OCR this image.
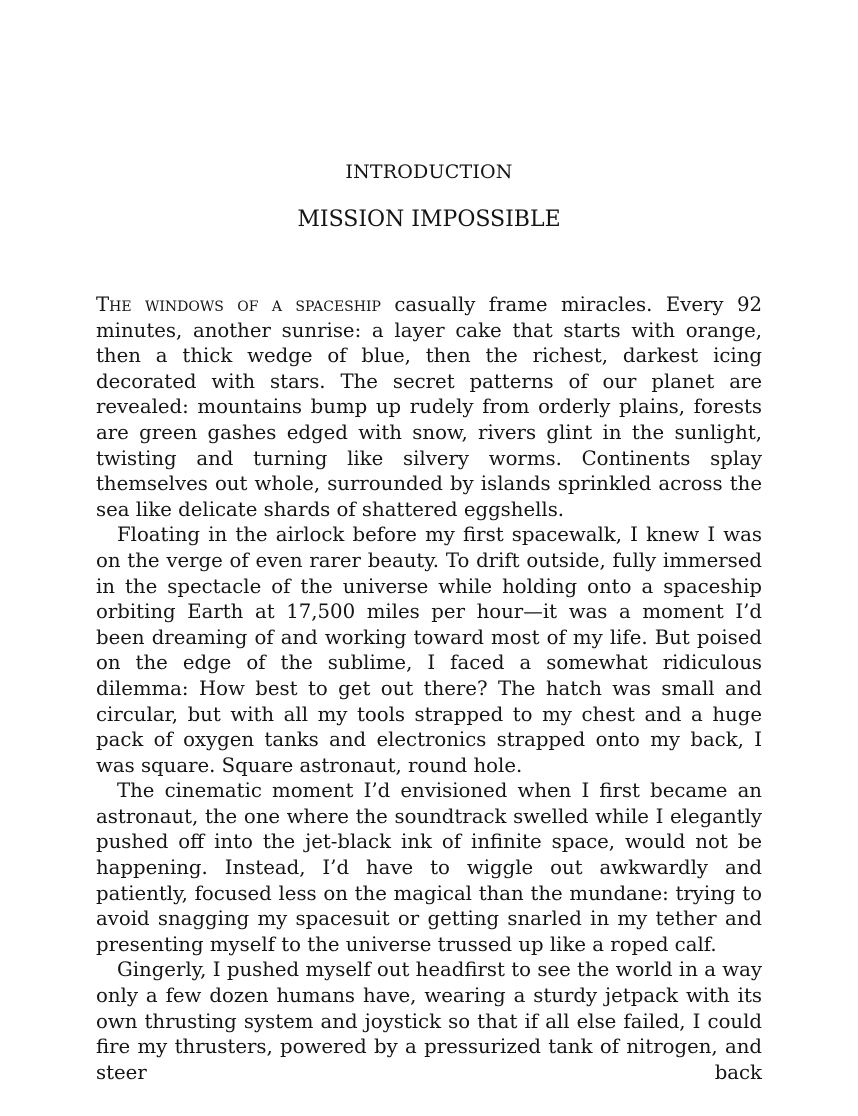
INTRODUCTION
MISSION IMPOSSIBLE

The windows of a spaceship casually frame miracles. Every 92 minutes, another sunrise: a layer cake that starts with orange, then a thick wedge of blue, then the richest, darkest icing decorated with stars. The secret patterns of our planet are revealed: mountains bump up rudely from orderly plains, forests are green gashes edged with snow, rivers glint in the sunlight, twisting and turning like silvery worms. Continents splay themselves out whole, surrounded by islands sprinkled across the sea like delicate shards of shattered eggshells.

Floating in the airlock before my first spacewalk, I knew I was on the verge of even rarer beauty. To drift outside, fully immersed in the spectacle of the universe while holding onto a spaceship orbiting Earth at 17,500 miles per hour—it was a moment I’d been dreaming of and working toward most of my life. But poised on the edge of the sublime, I faced a somewhat ridiculous dilemma: How best to get out there? The hatch was small and circular, but with all my tools strapped to my chest and a huge pack of oxygen tanks and electronics strapped onto my back, I was square. Square astronaut, round hole.

The cinematic moment I’d envisioned when I first became an astronaut, the one where the soundtrack swelled while I elegantly pushed off into the jet-black ink of infinite space, would not be happening. Instead, I’d have to wiggle out awkwardly and patiently, focused less on the magical than the mundane: trying to avoid snagging my spacesuit or getting snarled in my tether and presenting myself to the universe trussed up like a roped calf.

Gingerly, I pushed myself out headfirst to see the world in a way only a few dozen humans have, wearing a sturdy jetpack with its own thrusting system and joystick so that if all else failed, I could fire my thrusters, powered by a pressurized tank of nitrogen, and steer back
